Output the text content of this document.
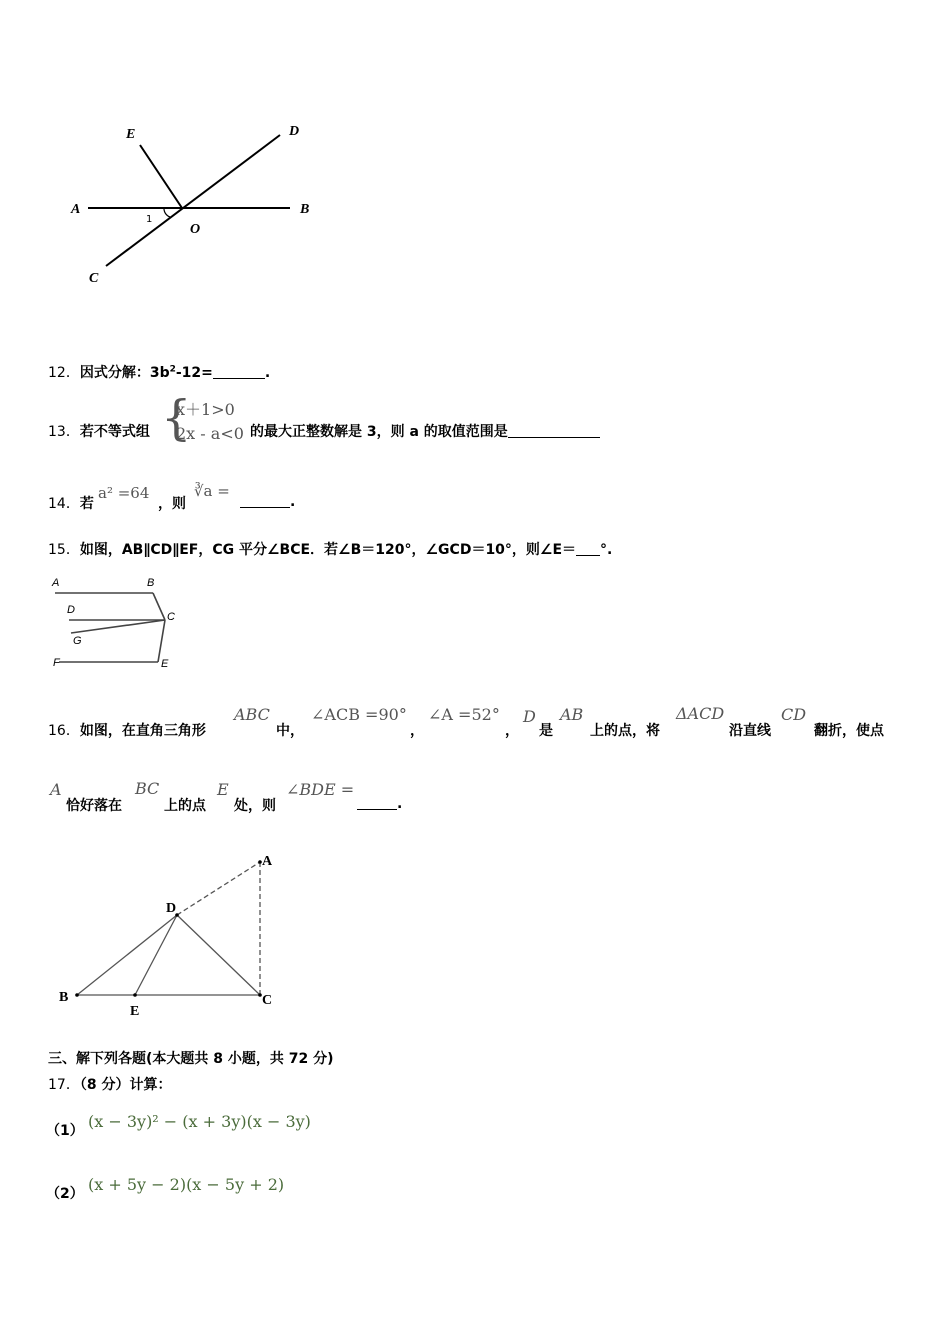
E	D
A	B
O
C
1
12．因式分解：$3b^2-12=$	.
13．若不等式组 {
x＋1>0
2x - a<0 的最大正整数解是 3，则 a 的取值范围是
14．若
a² =64
，则
∛a =
.
15．如图，AB∥CD∥EF，CG 平分∠BCE．若∠B＝120°，∠GCD＝10°，则∠E＝ °.
A	B
D
C
G
F	E
16．如图，在直角三角形
ABC
中，
∠ACB =90°
，
∠A =52°
，
D
是
AB
上的点，将
ΔACD
沿直线
CD
翻折，使点
A
恰好落在
BC
上的点
E
处，则
∠BDE =
.
A
D
B
E
C
三、解下列各题(本大题共 8 小题，共 72 分)
17．（8 分）计算：
（1） (x − 3y)² − (x + 3y)(x − 3y)
（2） (x + 5y − 2)(x − 5y + 2)
